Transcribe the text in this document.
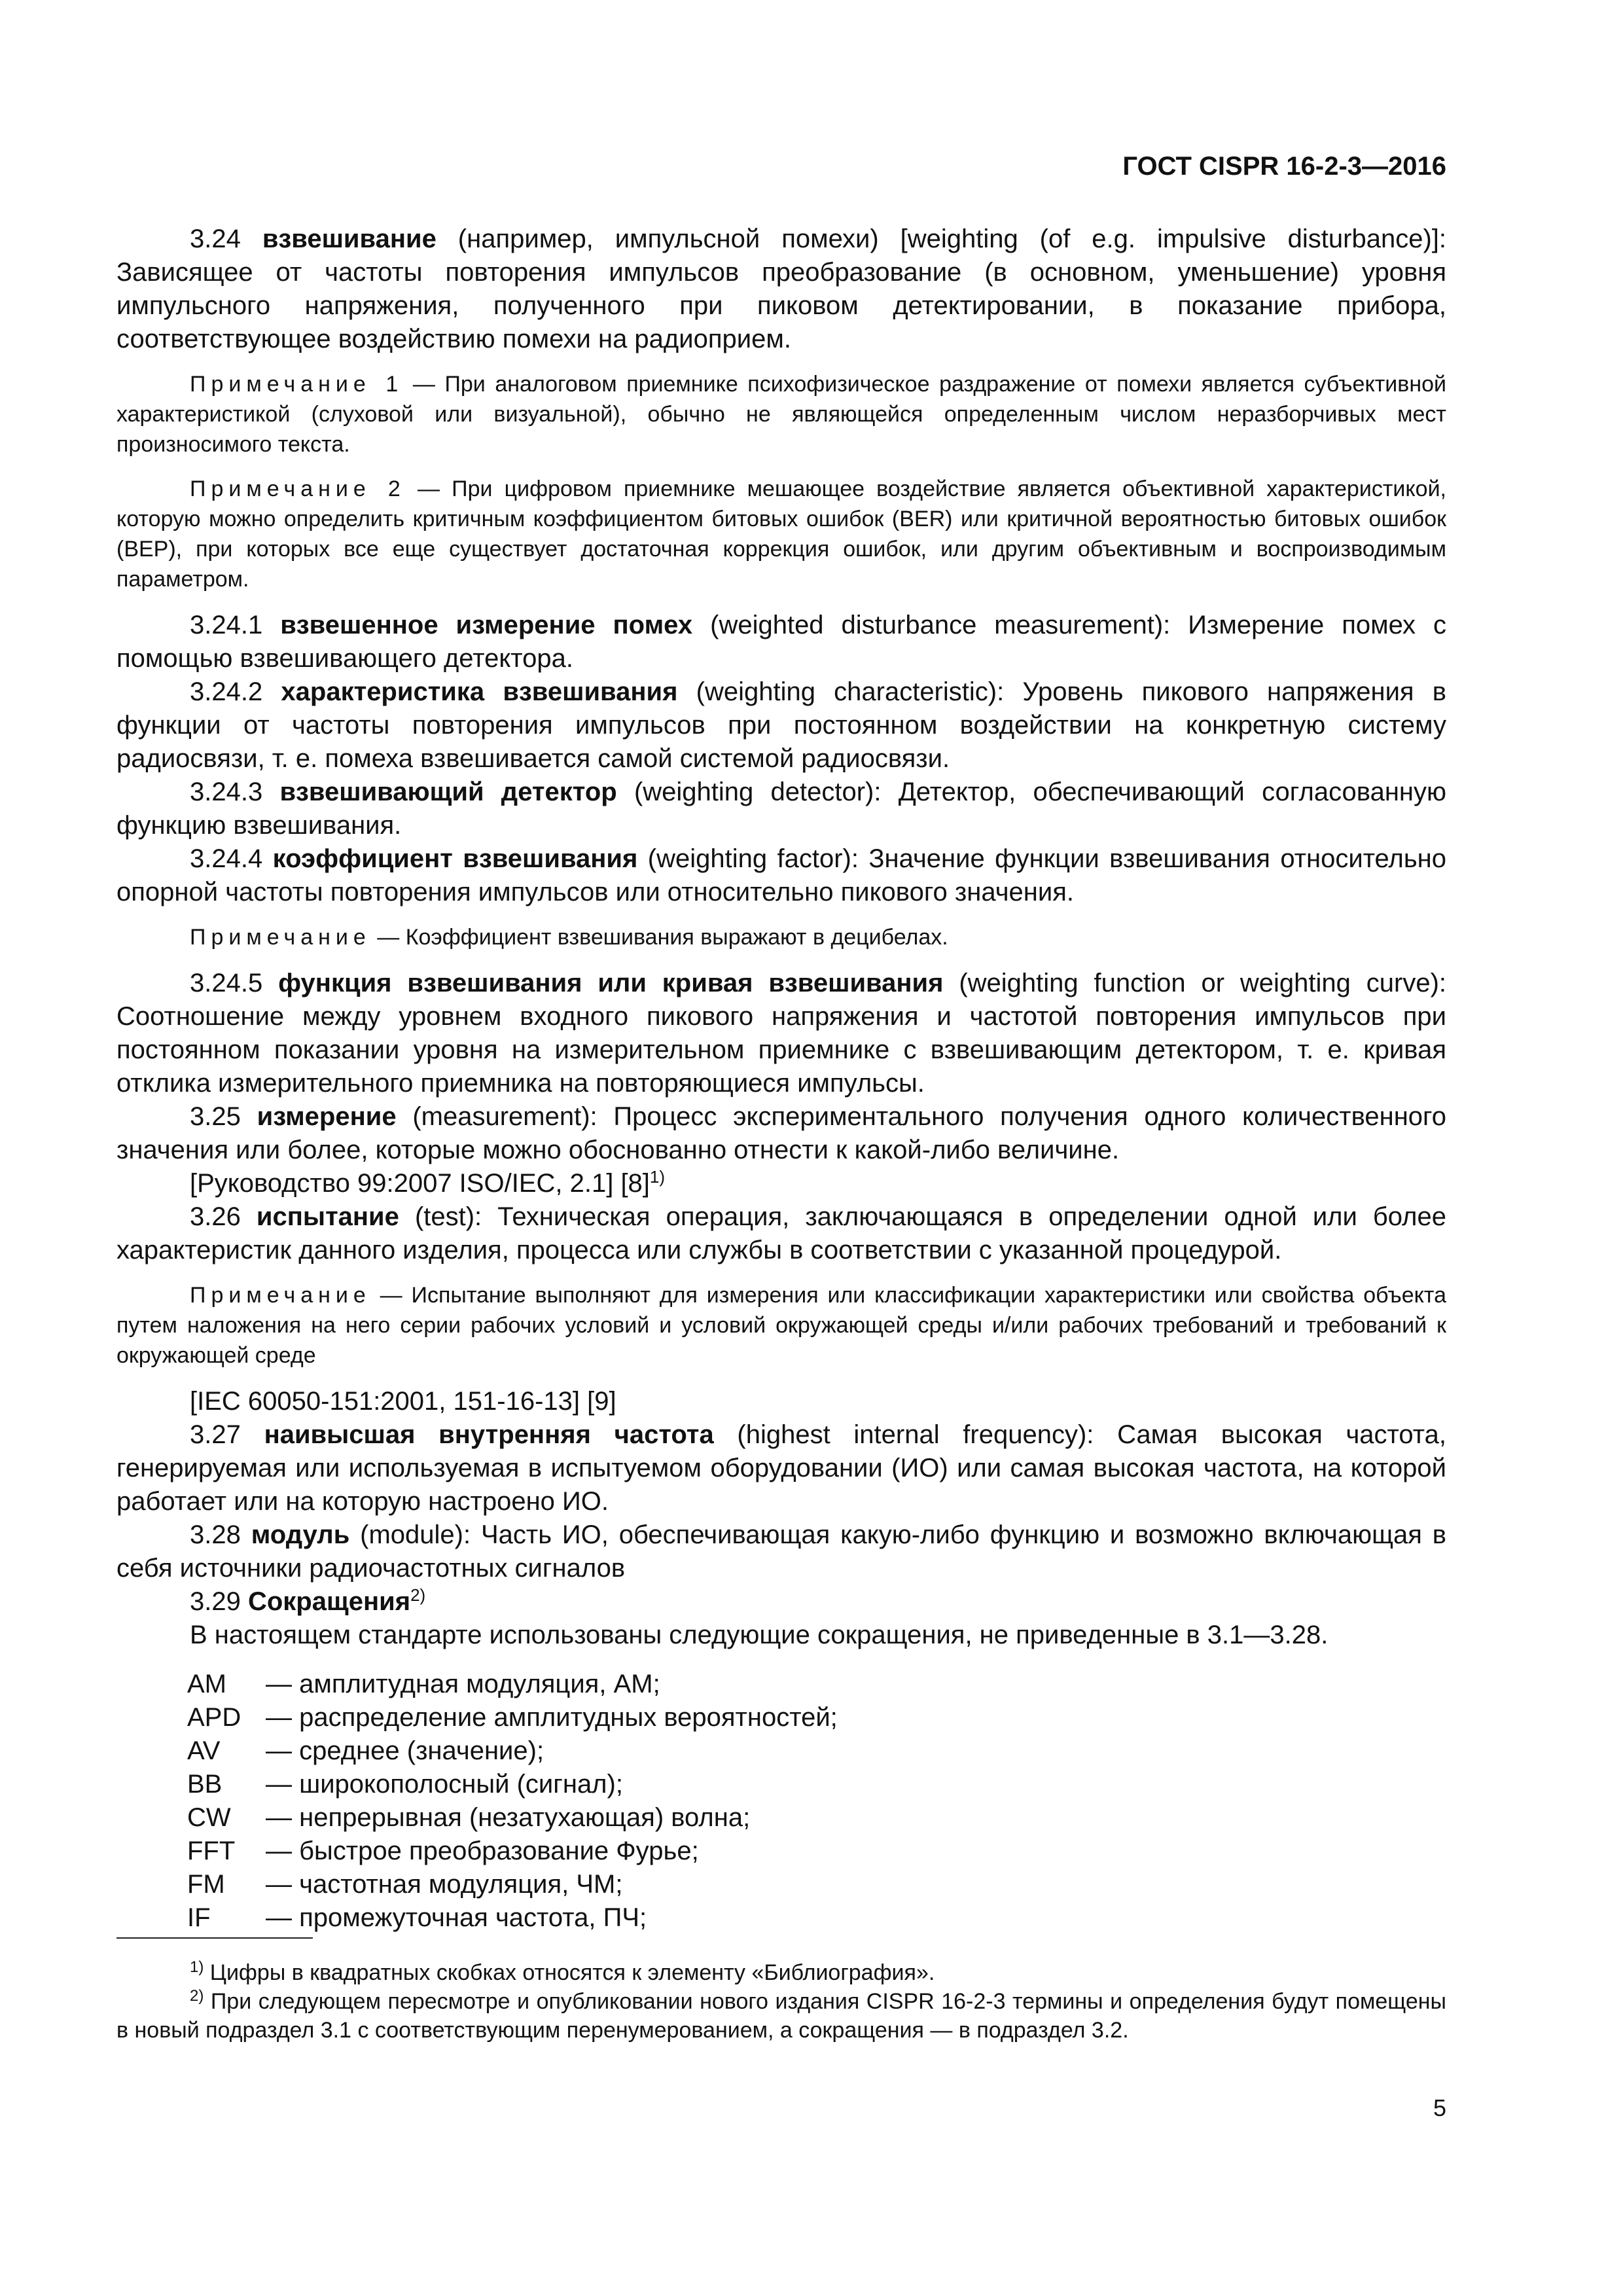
ГОСТ CISPR 16-2-3—2016

3.24 взвешивание (например, импульсной помехи) [weighting (of e.g. impulsive disturbance)]: Зависящее от частоты повторения импульсов преобразование (в основном, уменьшение) уровня импульсного напряжения, полученного при пиковом детектировании, в показание прибора, соответствующее воздействию помехи на радиоприем.

Примечание 1 — При аналоговом приемнике психофизическое раздражение от помехи является субъективной характеристикой (слуховой или визуальной), обычно не являющейся определенным числом неразборчивых мест произносимого текста.

Примечание 2 — При цифровом приемнике мешающее воздействие является объективной характеристикой, которую можно определить критичным коэффициентом битовых ошибок (BER) или критичной вероятностью битовых ошибок (BEP), при которых все еще существует достаточная коррекция ошибок, или другим объективным и воспроизводимым параметром.

3.24.1 взвешенное измерение помех (weighted disturbance measurement): Измерение помех с помощью взвешивающего детектора.

3.24.2 характеристика взвешивания (weighting characteristic): Уровень пикового напряжения в функции от частоты повторения импульсов при постоянном воздействии на конкретную систему радиосвязи, т. е. помеха взвешивается самой системой радиосвязи.

3.24.3 взвешивающий детектор (weighting detector): Детектор, обеспечивающий согласованную функцию взвешивания.

3.24.4 коэффициент взвешивания (weighting factor): Значение функции взвешивания относительно опорной частоты повторения импульсов или относительно пикового значения.

Примечание — Коэффициент взвешивания выражают в децибелах.

3.24.5 функция взвешивания или кривая взвешивания (weighting function or weighting curve): Соотношение между уровнем входного пикового напряжения и частотой повторения импульсов при постоянном показании уровня на измерительном приемнике с взвешивающим детектором, т. е. кривая отклика измерительного приемника на повторяющиеся импульсы.

3.25 измерение (measurement): Процесс экспериментального получения одного количественного значения или более, которые можно обоснованно отнести к какой-либо величине.

[Руководство 99:2007 ISO/IEC, 2.1] $[8]^{1)}$

3.26 испытание (test): Техническая операция, заключающаяся в определении одной или более характеристик данного изделия, процесса или службы в соответствии с указанной процедурой.

Примечание — Испытание выполняют для измерения или классификации характеристики или свойства объекта путем наложения на него серии рабочих условий и условий окружающей среды и/или рабочих требований и требований к окружающей среде

[IEC 60050-151:2001, 151-16-13] [9]

3.27 наивысшая внутренняя частота (highest internal frequency): Самая высокая частота, генерируемая или используемая в испытуемом оборудовании (ИО) или самая высокая частота, на которой работает или на которую настроено ИО.

3.28 модуль (module): Часть ИО, обеспечивающая какую-либо функцию и возможно включающая в себя источники радиочастотных сигналов

3.29 Сокращения$^{2)}$

В настоящем стандарте использованы следующие сокращения, не приведенные в 3.1—3.28.

AM	— амплитудная модуляция, АМ;
APD — распределение амплитудных вероятностей;
AV	— среднее (значение);
BB	— широкополосный (сигнал);
CW	— непрерывная (незатухающая) волна;
FFT	— быстрое преобразование Фурье;
FM	— частотная модуляция, ЧМ;
IF	— промежуточная частота, ПЧ;

$^{1)}$ Цифры в квадратных скобках относятся к элементу «Библиография».

$^{2)}$ При следующем пересмотре и опубликовании нового издания CISPR 16-2-3 термины и определения будут помещены в новый подраздел 3.1 с соответствующим перенумерованием, а сокращения — в подраздел 3.2.

5
